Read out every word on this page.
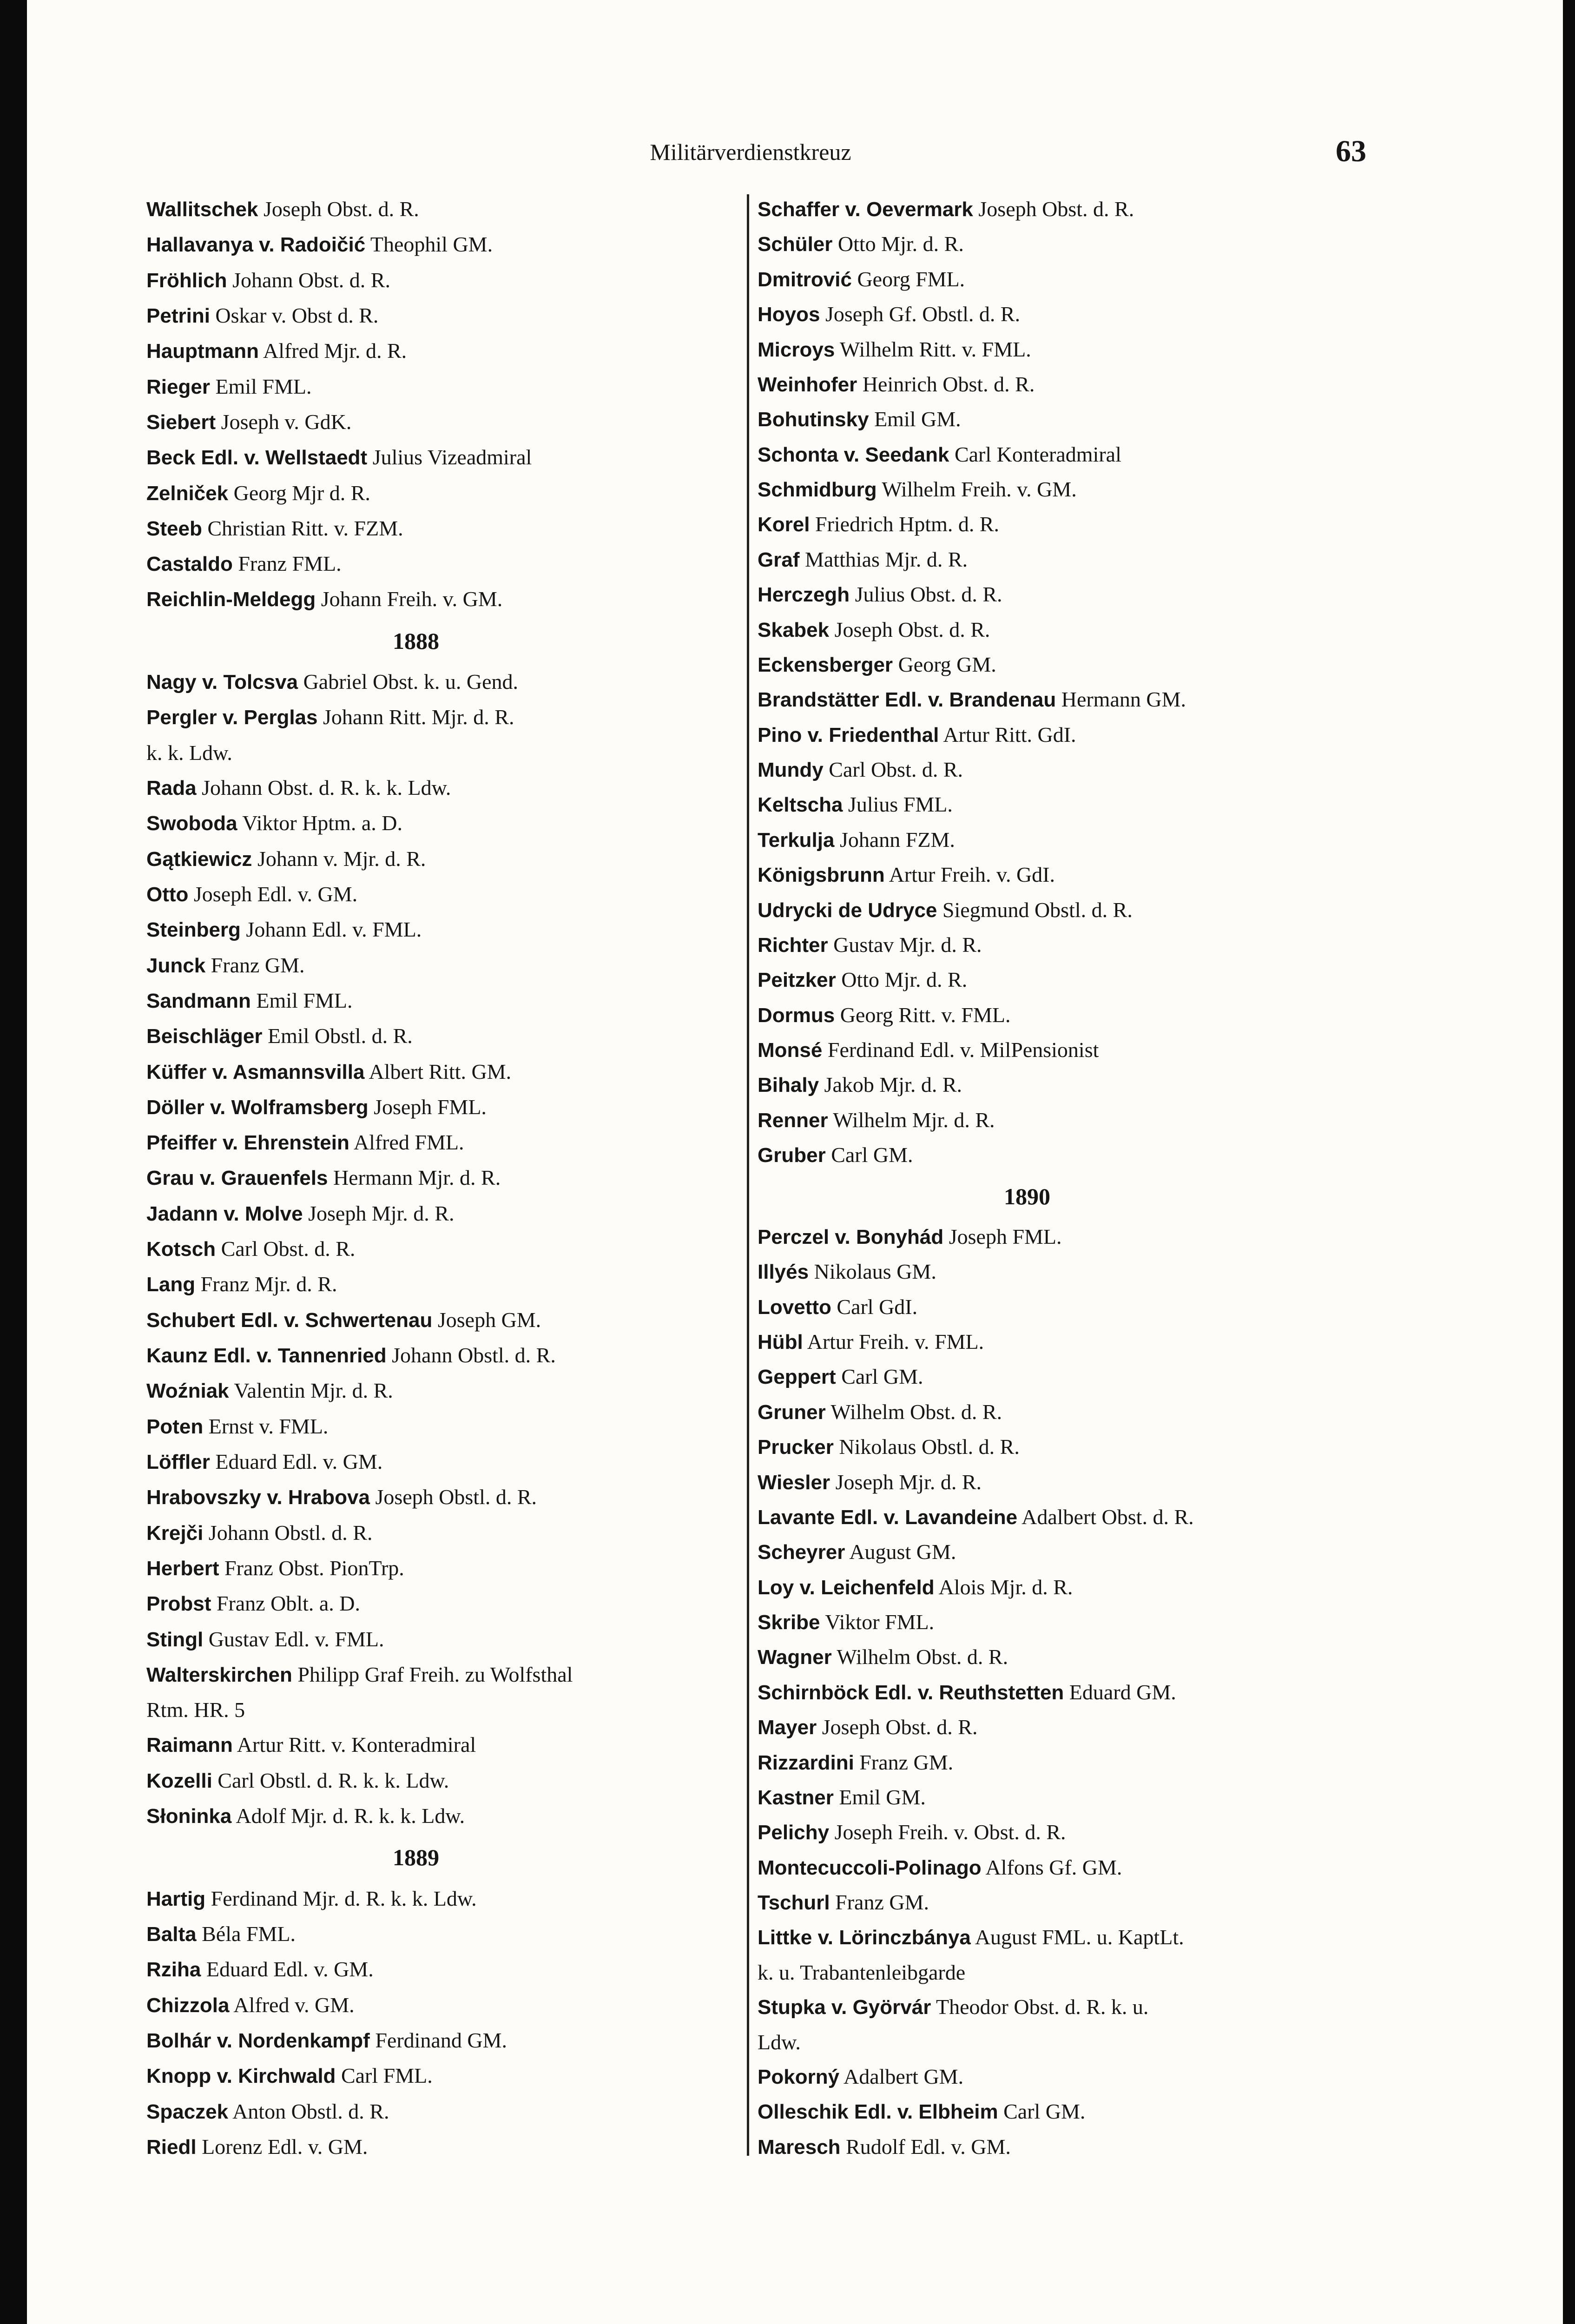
Militärverdienstkreuz	63
Wallitschek Joseph Obst. d. R.
Hallavanya v. Radoičić Theophil GM.
Fröhlich Johann Obst. d. R.
Petrini Oskar v. Obst d. R.
Hauptmann Alfred Mjr. d. R.
Rieger Emil FML.
Siebert Joseph v. GdK.
Beck Edl. v. Wellstaedt Julius Vizeadmiral
Zelniček Georg Mjr d. R.
Steeb Christian Ritt. v. FZM.
Castaldo Franz FML.
Reichlin-Meldegg Johann Freih. v. GM.
1888
Nagy v. Tolcsva Gabriel Obst. k. u. Gend.
Pergler v. Perglas Johann Ritt. Mjr. d. R.
k. k. Ldw.
Rada Johann Obst. d. R. k. k. Ldw.
Swoboda Viktor Hptm. a. D.
Gątkiewicz Johann v. Mjr. d. R.
Otto Joseph Edl. v. GM.
Steinberg Johann Edl. v. FML.
Junck Franz GM.
Sandmann Emil FML.
Beischläger Emil Obstl. d. R.
Küffer v. Asmannsvilla Albert Ritt. GM.
Döller v. Wolframsberg Joseph FML.
Pfeiffer v. Ehrenstein Alfred FML.
Grau v. Grauenfels Hermann Mjr. d. R.
Jadann v. Molve Joseph Mjr. d. R.
Kotsch Carl Obst. d. R.
Lang Franz Mjr. d. R.
Schubert Edl. v. Schwertenau Joseph GM.
Kaunz Edl. v. Tannenried Johann Obstl. d. R.
Woźniak Valentin Mjr. d. R.
Poten Ernst v. FML.
Löffler Eduard Edl. v. GM.
Hrabovszky v. Hrabova Joseph Obstl. d. R.
Krejči Johann Obstl. d. R.
Herbert Franz Obst. PionTrp.
Probst Franz Oblt. a. D.
Stingl Gustav Edl. v. FML.
Walterskirchen Philipp Graf Freih. zu Wolfsthal
Rtm. HR. 5
Raimann Artur Ritt. v. Konteradmiral
Kozelli Carl Obstl. d. R. k. k. Ldw.
Słoninka Adolf Mjr. d. R. k. k. Ldw.
1889
Hartig Ferdinand Mjr. d. R. k. k. Ldw.
Balta Béla FML.
Rziha Eduard Edl. v. GM.
Chizzola Alfred v. GM.
Bolhár v. Nordenkampf Ferdinand GM.
Knopp v. Kirchwald Carl FML.
Spaczek Anton Obstl. d. R.
Riedl Lorenz Edl. v. GM.
Schaffer v. Oevermark Joseph Obst. d. R.
Schüler Otto Mjr. d. R.
Dmitrović Georg FML.
Hoyos Joseph Gf. Obstl. d. R.
Microys Wilhelm Ritt. v. FML.
Weinhofer Heinrich Obst. d. R.
Bohutinsky Emil GM.
Schonta v. Seedank Carl Konteradmiral
Schmidburg Wilhelm Freih. v. GM.
Korel Friedrich Hptm. d. R.
Graf Matthias Mjr. d. R.
Herczegh Julius Obst. d. R.
Skabek Joseph Obst. d. R.
Eckensberger Georg GM.
Brandstätter Edl. v. Brandenau Hermann GM.
Pino v. Friedenthal Artur Ritt. GdI.
Mundy Carl Obst. d. R.
Keltscha Julius FML.
Terkulja Johann FZM.
Königsbrunn Artur Freih. v. GdI.
Udrycki de Udryce Siegmund Obstl. d. R.
Richter Gustav Mjr. d. R.
Peitzker Otto Mjr. d. R.
Dormus Georg Ritt. v. FML.
Monsé Ferdinand Edl. v. MilPensionist
Bihaly Jakob Mjr. d. R.
Renner Wilhelm Mjr. d. R.
Gruber Carl GM.
1890
Perczel v. Bonyhád Joseph FML.
Illyés Nikolaus GM.
Lovetto Carl GdI.
Hübl Artur Freih. v. FML.
Geppert Carl GM.
Gruner Wilhelm Obst. d. R.
Prucker Nikolaus Obstl. d. R.
Wiesler Joseph Mjr. d. R.
Lavante Edl. v. Lavandeine Adalbert Obst. d. R.
Scheyrer August GM.
Loy v. Leichenfeld Alois Mjr. d. R.
Skribe Viktor FML.
Wagner Wilhelm Obst. d. R.
Schirnböck Edl. v. Reuthstetten Eduard GM.
Mayer Joseph Obst. d. R.
Rizzardini Franz GM.
Kastner Emil GM.
Pelichy Joseph Freih. v. Obst. d. R.
Montecuccoli-Polinago Alfons Gf. GM.
Tschurl Franz GM.
Littke v. Lörinczbánya August FML. u. KaptLt.
k. u. Trabantenleibgarde
Stupka v. Györvár Theodor Obst. d. R. k. u.
Ldw.
Pokorný Adalbert GM.
Olleschik Edl. v. Elbheim Carl GM.
Maresch Rudolf Edl. v. GM.
